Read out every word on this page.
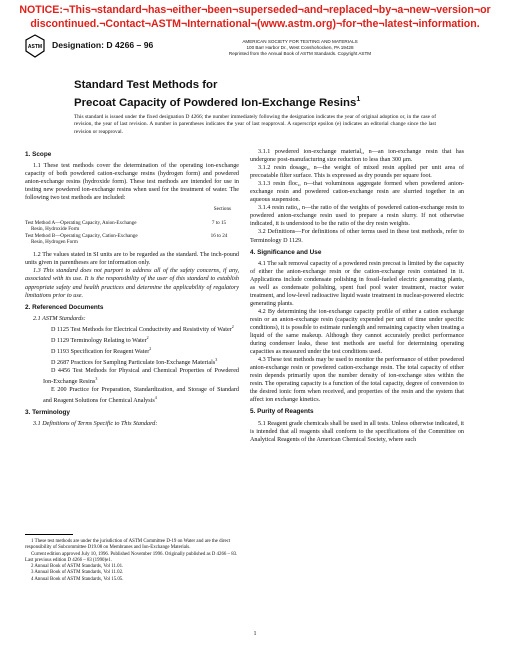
NOTICE:¬This¬standard¬has¬either¬been¬superseded¬and¬replaced¬by¬a¬new¬version¬or
discontinued.¬Contact¬ASTM¬International¬(www.astm.org)¬for¬the¬latest¬information.
ASTM Designation: D 4266 – 96	AMERICAN SOCIETY FOR TESTING AND MATERIALS
100 Barr Harbor Dr., West Conshohocken, PA 19428
Reprinted from the Annual Book of ASTM Standards. Copyright ASTM
Standard Test Methods for
Precoat Capacity of Powdered Ion-Exchange Resins$^1$
This standard is issued under the fixed designation D 4266; the number immediately following the designation indicates the year of original adoption or, in the case of revision, the year of last revision. A number in parentheses indicates the year of last reapproval. A superscript epsilon (e) indicates an editorial change since the last revision or reapproval.
1. Scope

1.1 These test methods cover the determination of the operating ion-exchange capacity of both powdered cation-exchange resins (hydrogen form) and powdered anion-exchange resins (hydroxide form). These test methods are intended for use in testing new powdered ion-exchange resins when used for the treatment of water. The following two test methods are included:

Sections
Test Method A—Operating Capacity, Anion-Exchange	7 to 15
Resin, Hydroxide Form
Test Method B—Operating Capacity, Cation-Exchange	16 to 24
Resin, Hydrogen Form

1.2 The values stated in SI units are to be regarded as the standard. The inch-pound units given in parentheses are for information only.

1.3 This standard does not purport to address all of the safety concerns, if any, associated with its use. It is the responsibility of the user of this standard to establish appropriate safety and health practices and determine the applicability of regulatory limitations prior to use.

2. Referenced Documents

2.1 ASTM Standards:

D 1125 Test Methods for Electrical Conductivity and Resistivity of Water$^2$

D 1129 Terminology Relating to Water$^2$

D 1193 Specification for Reagent Water$^2$

D 2687 Practices for Sampling Particulate Ion-Exchange Materials$^3$

D 4456 Test Methods for Physical and Chemical Properties of Powdered Ion-Exchange Resins$^3$

E 200 Practice for Preparation, Standardization, and Storage of Standard and Reagent Solutions for Chemical Analysis$^4$

3. Terminology

3.1 Definitions of Terms Specific to This Standard:

1 These test methods are under the jurisdiction of ASTM Committee D-19 on Water and are the direct responsibility of Subcommittee D19.08 on Membranes and Ion-Exchange Materials.
Current edition approved July 10, 1996. Published November 1996. Originally published as D 4266 – 83. Last previous edition D 4266 – 83 (1990)e1.
2 Annual Book of ASTM Standards, Vol 11.01.
3 Annual Book of ASTM Standards, Vol 11.02.
4 Annual Book of ASTM Standards, Vol 15.05.

3.1.1 powdered ion-exchange material,, n—an ion-exchange resin that has undergone post-manufacturing size reduction to less than 300 μm.

3.1.2 resin dosage,, n—the weight of mixed resin applied per unit area of precoatable filter surface. This is expressed as dry pounds per square foot.

3.1.3 resin floc,, n—that voluminous aggregate formed when powdered anion-exchange resin and powdered cation-exchange resin are slurried together in an aqueous suspension.

3.1.4 resin ratio,, n—the ratio of the weights of powdered cation-exchange resin to powdered anion-exchange resin used to prepare a resin slurry. If not otherwise indicated, it is understood to be the ratio of the dry resin weights.

3.2 Definitions—For definitions of other terms used in these test methods, refer to Terminology D 1129.

4. Significance and Use

4.1 The salt removal capacity of a powdered resin precoat is limited by the capacity of either the anion-exchange resin or the cation-exchange resin contained in it. Applications include condensate polishing in fossil-fueled electric generating plants, as well as condensate polishing, spent fuel pool water treatment, reactor water treatment, and low-level radioactive liquid waste treatment in nuclear-powered electric generating plants.

4.2 By determining the ion-exchange capacity profile of either a cation exchange resin or an anion-exchange resin (capacity expended per unit of time under specific conditions), it is possible to estimate runlength and remaining capacity when treating a liquid of the same makeup. Although they cannot accurately predict performance during condenser leaks, these test methods are useful for determining operating capacities as measured under the test conditions used.

4.3 These test methods may be used to monitor the performance of either powdered anion-exchange resin or powdered cation-exchange resin. The total capacity of either resin depends primarily upon the number density of ion-exchange sites within the resin. The operating capacity is a function of the total capacity, degree of conversion to the desired ionic form when received, and properties of the resin and the system that affect ion exchange kinetics.

5. Purity of Reagents

5.1 Reagent grade chemicals shall be used in all tests. Unless otherwise indicated, it is intended that all reagents shall conform to the specifications of the Committee on Analytical Reagents of the American Chemical Society, where such

1
